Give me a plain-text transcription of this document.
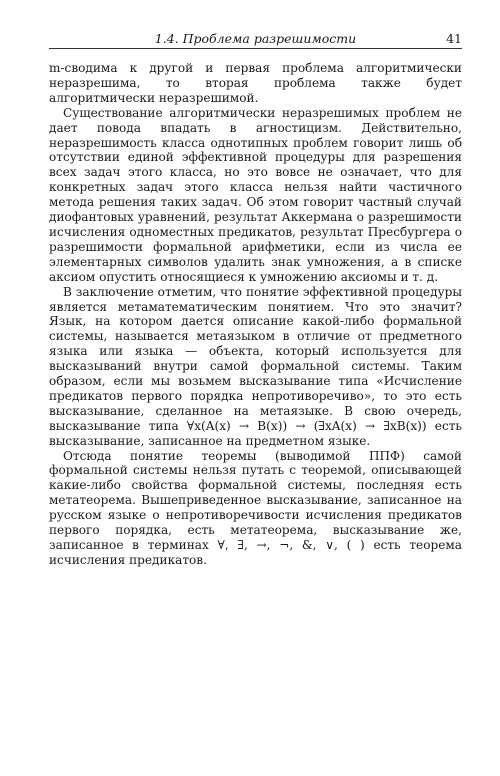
1.4. Проблема разрешимости	41

m-сводима к другой и первая проблема алгоритмически неразрешима, то вторая проблема также будет алгоритмически неразрешимой.

Существование алгоритмически неразрешимых проблем не дает повода впадать в агностицизм. Действительно, неразрешимость класса однотипных проблем говорит лишь об отсутствии единой эффективной процедуры для разрешения всех задач этого класса, но это вовсе не означает, что для конкретных задач этого класса нельзя найти частичного метода решения таких задач. Об этом говорит частный случай диофантовых уравнений, результат Аккермана о разрешимости исчисления одноместных предикатов, результат Пресбургера о разрешимости формальной арифметики, если из числа ее элементарных символов удалить знак умножения, а в списке аксиом опустить относящиеся к умножению аксиомы и т. д.

В заключение отметим, что понятие эффективной процедуры является метаматематическим понятием. Что это значит? Язык, на котором дается описание какой-либо формальной системы, называется метаязыком в отличие от предметного языка или языка — объекта, который используется для высказываний внутри самой формальной системы. Таким образом, если мы возьмем высказывание типа «Исчисление предикатов первого порядка непротиворечиво», то это есть высказывание, сделанное на метаязыке. В свою очередь, высказывание типа ∀x(A(x) → B(x)) → (∃xA(x) → ∃xB(x)) есть высказывание, записанное на предметном языке.

Отсюда понятие теоремы (выводимой ППФ) самой формальной системы нельзя путать с теоремой, описывающей какие-либо свойства формальной системы, последняя есть метатеорема. Вышеприведенное высказывание, записанное на русском языке о непротиворечивости исчисления предикатов первого порядка, есть метатеорема, высказывание же, записанное в терминах ∀, ∃, →, ¬, &, ∨, ( ) есть теорема исчисления предикатов.
